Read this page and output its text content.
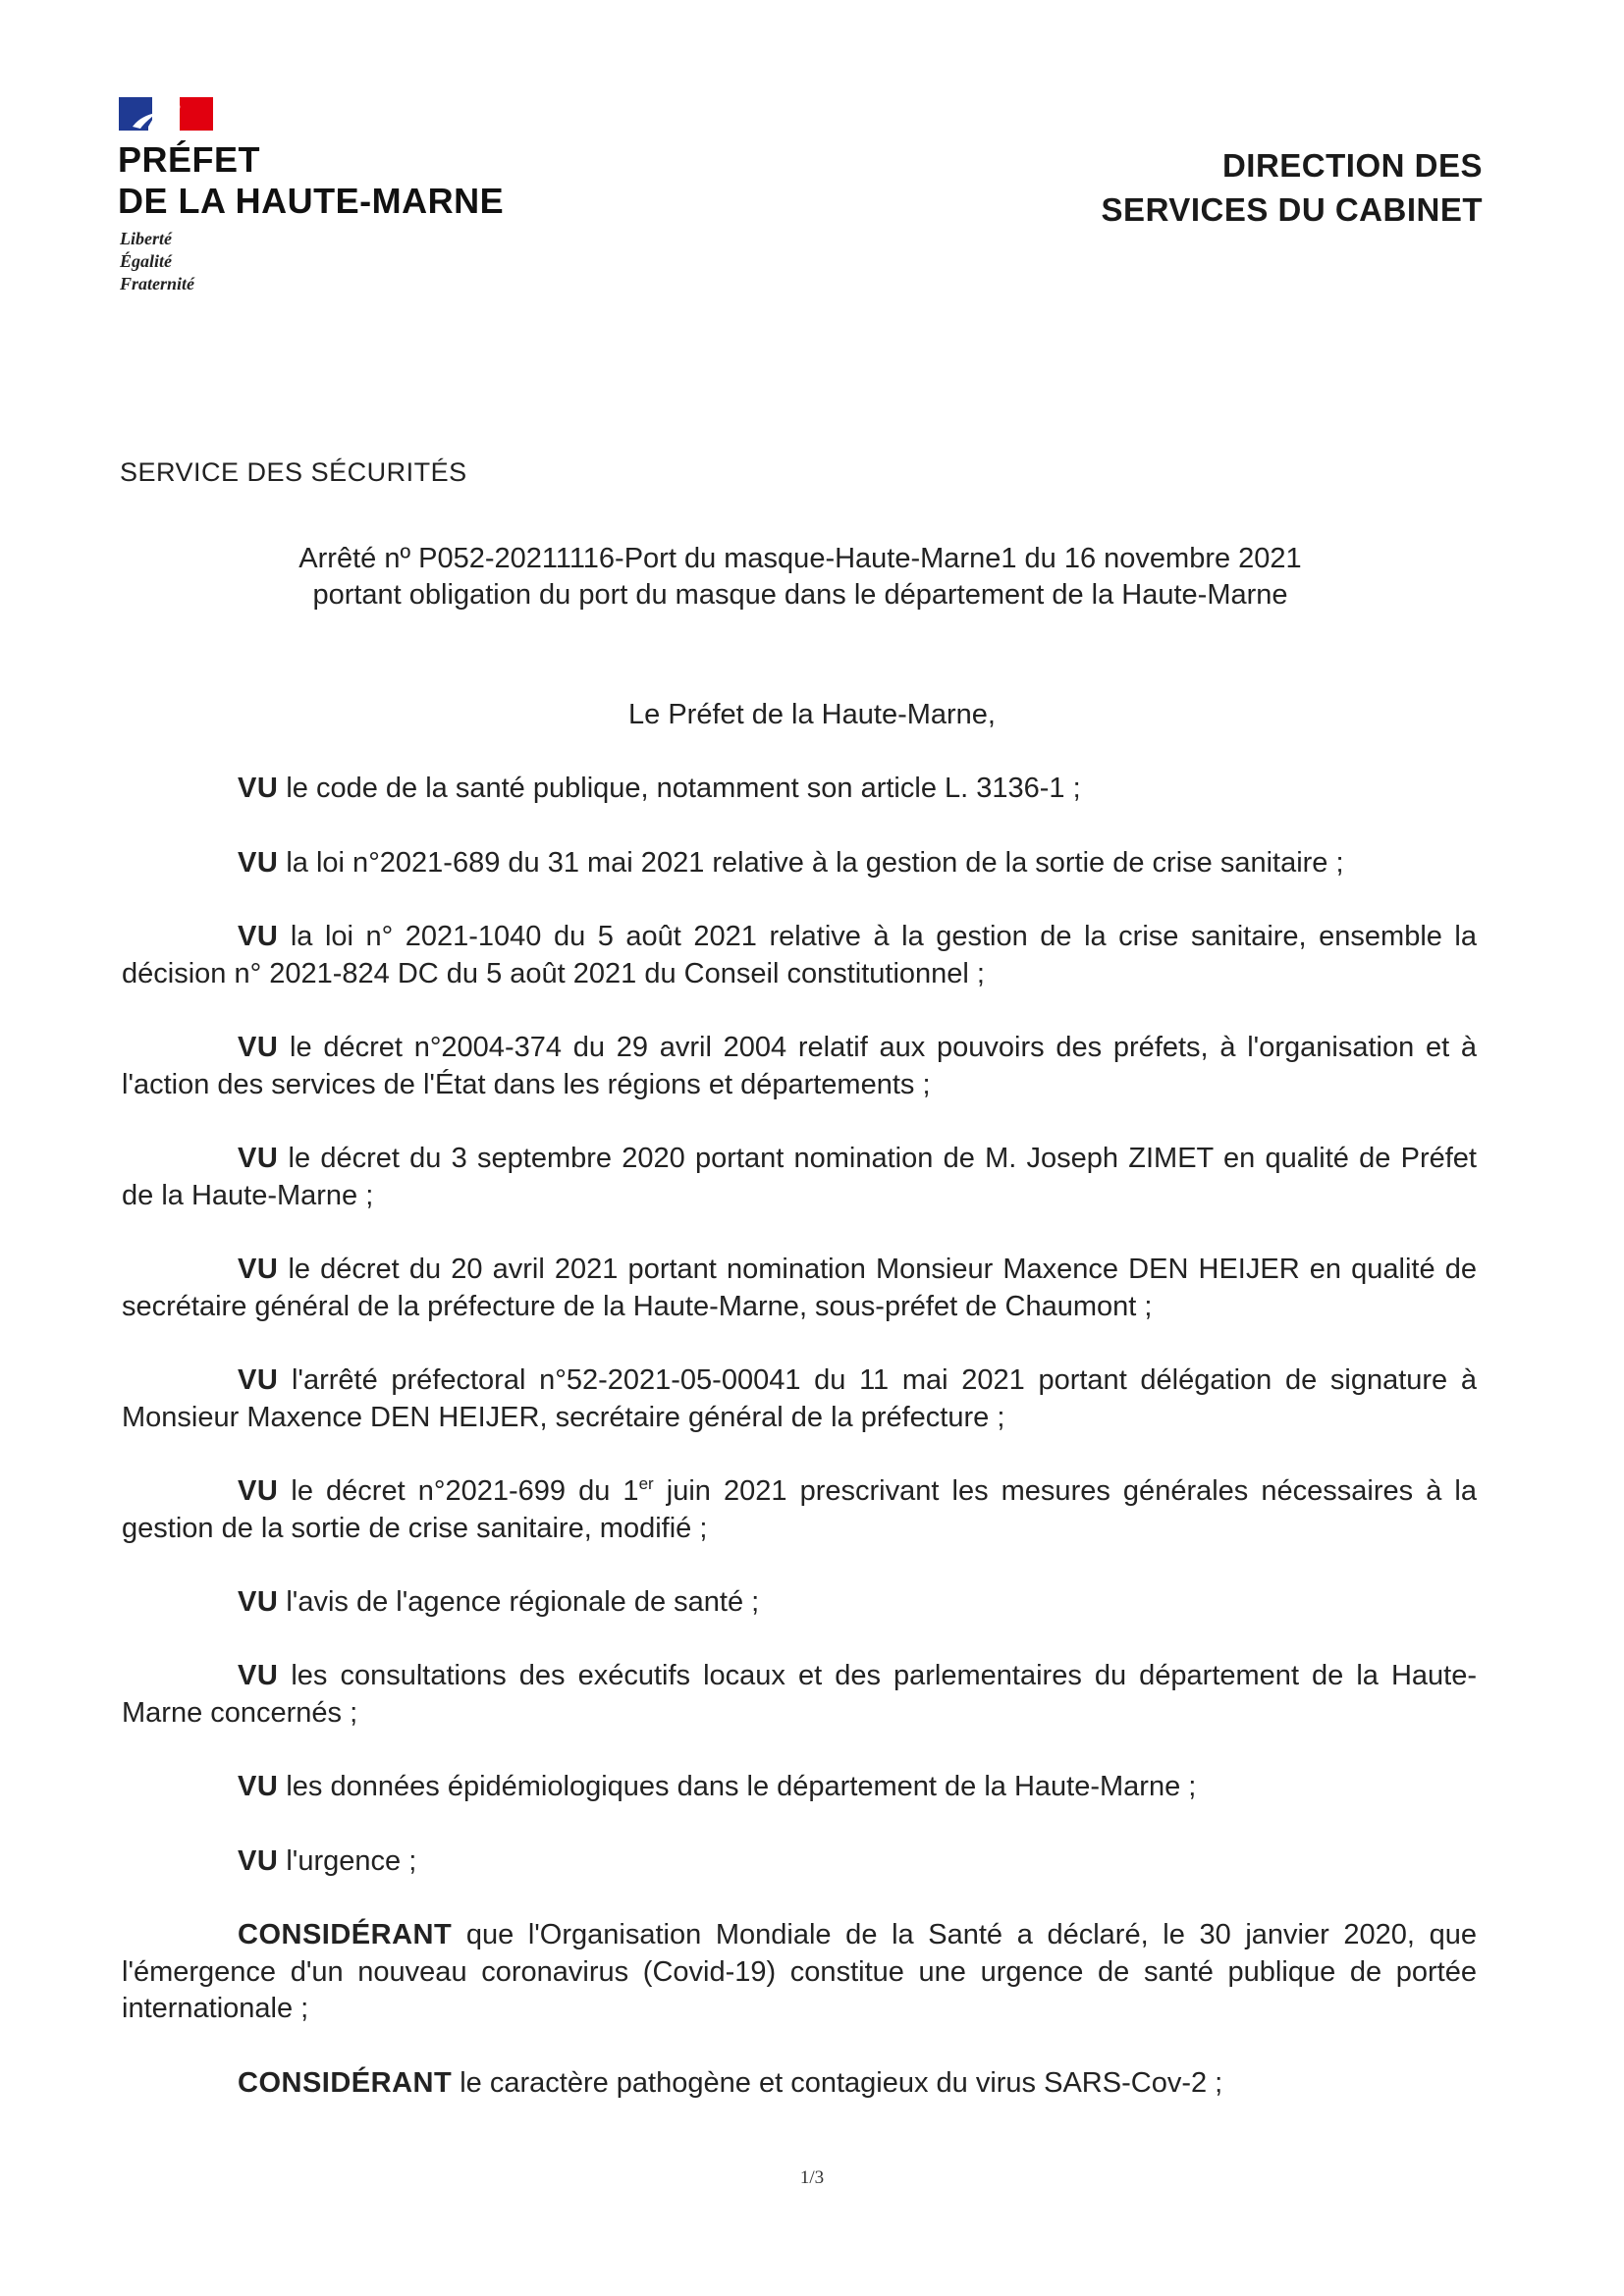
PRÉFET
DE LA HAUTE-MARNE
Liberté
Égalité
Fraternité
DIRECTION DES
SERVICES DU CABINET
SERVICE DES SÉCURITÉS
Arrêté nº P052-20211116-Port du masque-Haute-Marne1 du 16 novembre 2021
portant obligation du port du masque dans le département de la Haute-Marne
Le Préfet de la Haute-Marne,
VU le code de la santé publique, notamment son article L. 3136-1 ;
VU la loi n°2021-689 du 31 mai 2021 relative à la gestion de la sortie de crise sanitaire ;
VU la loi n° 2021-1040 du 5 août 2021 relative à la gestion de la crise sanitaire, ensemble la décision n° 2021-824 DC du 5 août 2021 du Conseil constitutionnel ;
VU le décret n°2004-374 du 29 avril 2004 relatif aux pouvoirs des préfets, à l'organisation et à l'action des services de l'État dans les régions et départements ;
VU le décret du 3 septembre 2020 portant nomination de M. Joseph ZIMET en qualité de Préfet de la Haute-Marne ;
VU le décret du 20 avril 2021 portant nomination Monsieur Maxence DEN HEIJER en qualité de secrétaire général de la préfecture de la Haute-Marne, sous-préfet de Chaumont ;
VU l'arrêté préfectoral n°52-2021-05-00041 du 11 mai 2021 portant délégation de signature à Monsieur Maxence DEN HEIJER, secrétaire général de la préfecture ;
VU le décret n°2021-699 du 1er juin 2021 prescrivant les mesures générales nécessaires à la gestion de la sortie de crise sanitaire, modifié ;
VU l'avis de l'agence régionale de santé ;
VU les consultations des exécutifs locaux et des parlementaires du département de la Haute-Marne concernés ;
VU les données épidémiologiques dans le département de la Haute-Marne ;
VU l'urgence ;
CONSIDÉRANT que l'Organisation Mondiale de la Santé a déclaré, le 30 janvier 2020, que l'émergence d'un nouveau coronavirus (Covid-19) constitue une urgence de santé publique de portée internationale ;
CONSIDÉRANT le caractère pathogène et contagieux du virus SARS-Cov-2 ;
1/3
